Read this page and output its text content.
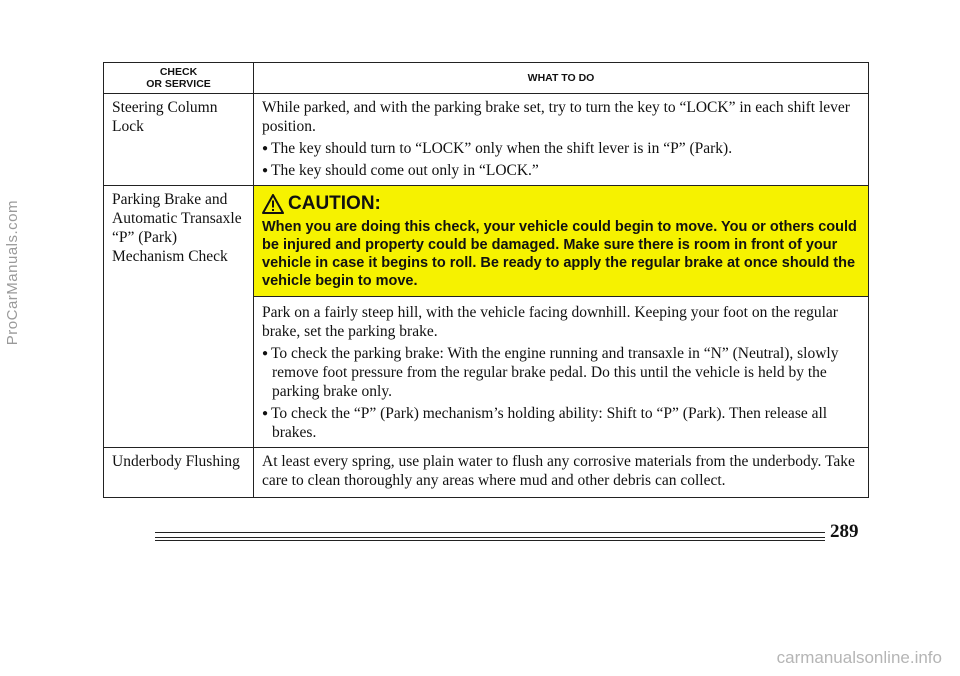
ProCarManuals.com
carmanualsonline.info
CHECK
OR SERVICE	WHAT TO DO
Steering Column Lock	While parked, and with the parking brake set, try to turn the key to “LOCK” in each shift lever position.
● The key should turn to “LOCK” only when the shift lever is in “P” (Park).
● The key should come out only in “LOCK.”

Parking Brake and Automatic Transaxle “P” (Park) Mechanism Check	CAUTION:
When you are doing this check, your vehicle could begin to move. You or others could be injured and property could be damaged. Make sure there is room in front of your vehicle in case it begins to roll. Be ready to apply the regular brake at once should the vehicle begin to move.

	Park on a fairly steep hill, with the vehicle facing downhill. Keeping your foot on the regular brake, set the parking brake.
● To check the parking brake: With the engine running and transaxle in “N” (Neutral), slowly remove foot pressure from the regular brake pedal. Do this until the vehicle is held by the parking brake only.
● To check the “P” (Park) mechanism’s holding ability: Shift to “P” (Park). Then release all brakes.

Underbody Flushing	At least every spring, use plain water to flush any corrosive materials from the underbody. Take care to clean thoroughly any areas where mud and other debris can collect.
289
